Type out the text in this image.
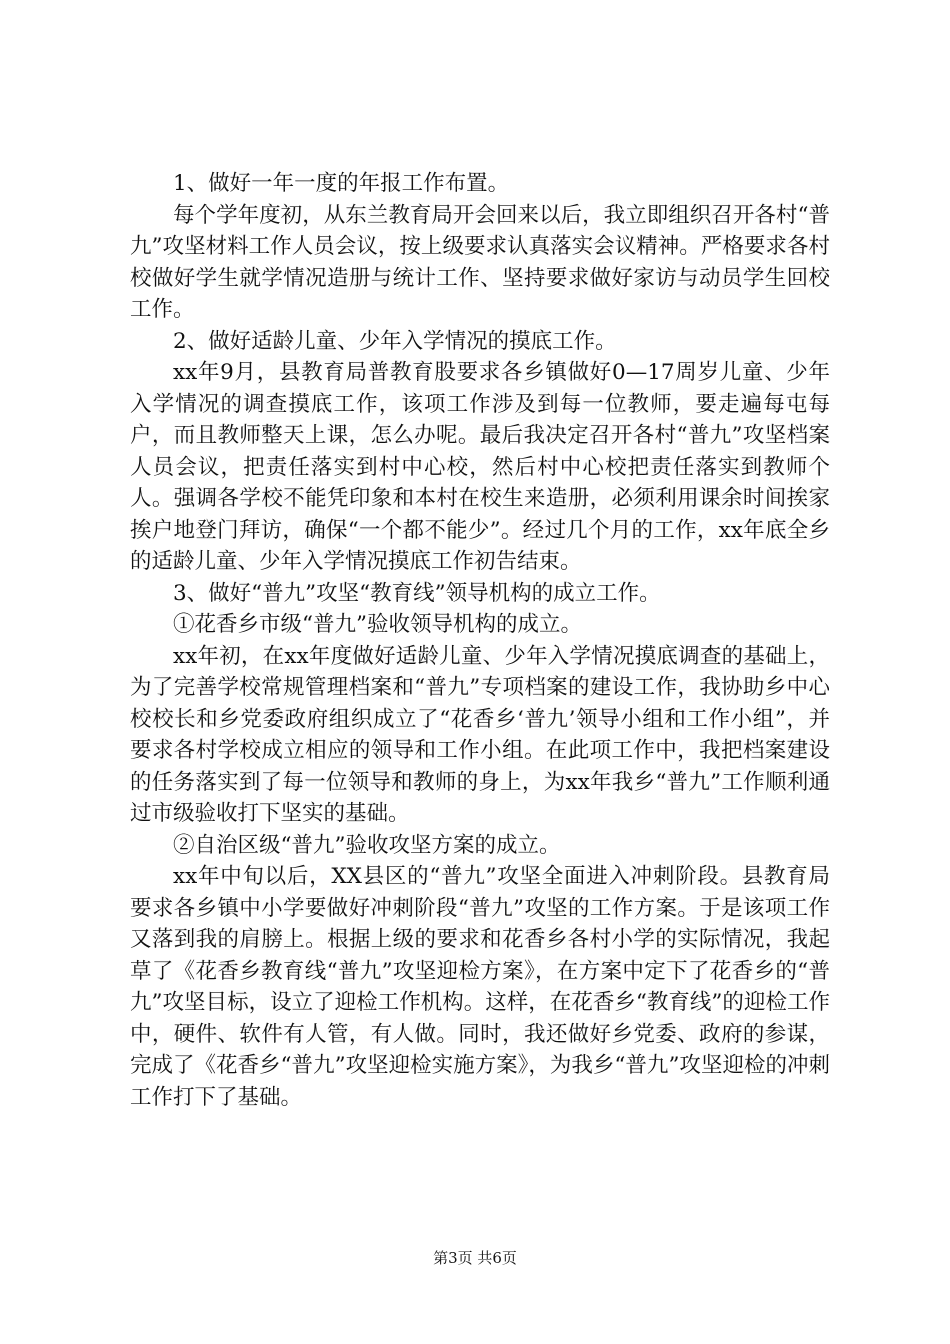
1、做好一年一度的年报工作布置。

每个学年度初，从东兰教育局开会回来以后，我立即组织召开各村“普九”攻坚材料工作人员会议，按上级要求认真落实会议精神。严格要求各村校做好学生就学情况造册与统计工作、坚持要求做好家访与动员学生回校工作。

2、做好适龄儿童、少年入学情况的摸底工作。

xx年9月，县教育局普教育股要求各乡镇做好0—17周岁儿童、少年入学情况的调查摸底工作，该项工作涉及到每一位教师，要走遍每屯每户，而且教师整天上课，怎么办呢。最后我决定召开各村“普九”攻坚档案人员会议，把责任落实到村中心校，然后村中心校把责任落实到教师个人。强调各学校不能凭印象和本村在校生来造册，必须利用课余时间挨家挨户地登门拜访，确保“一个都不能少”。经过几个月的工作，xx年底全乡的适龄儿童、少年入学情况摸底工作初告结束。

3、做好“普九”攻坚“教育线”领导机构的成立工作。

①花香乡市级“普九”验收领导机构的成立。

xx年初，在xx年度做好适龄儿童、少年入学情况摸底调查的基础上，为了完善学校常规管理档案和“普九”专项档案的建设工作，我协助乡中心校校长和乡党委政府组织成立了“花香乡‘普九’领导小组和工作小组”，并要求各村学校成立相应的领导和工作小组。在此项工作中，我把档案建设的任务落实到了每一位领导和教师的身上，为xx年我乡“普九”工作顺利通过市级验收打下坚实的基础。

②自治区级“普九”验收攻坚方案的成立。

xx年中旬以后，XX县区的“普九”攻坚全面进入冲刺阶段。县教育局要求各乡镇中小学要做好冲刺阶段“普九”攻坚的工作方案。于是该项工作又落到我的肩膀上。根据上级的要求和花香乡各村小学的实际情况，我起草了《花香乡教育线“普九”攻坚迎检方案》，在方案中定下了花香乡的“普九”攻坚目标，设立了迎检工作机构。这样，在花香乡“教育线”的迎检工作中，硬件、软件有人管，有人做。同时，我还做好乡党委、政府的参谋，完成了《花香乡“普九”攻坚迎检实施方案》，为我乡“普九”攻坚迎检的冲刺工作打下了基础。

第3页 共6页
